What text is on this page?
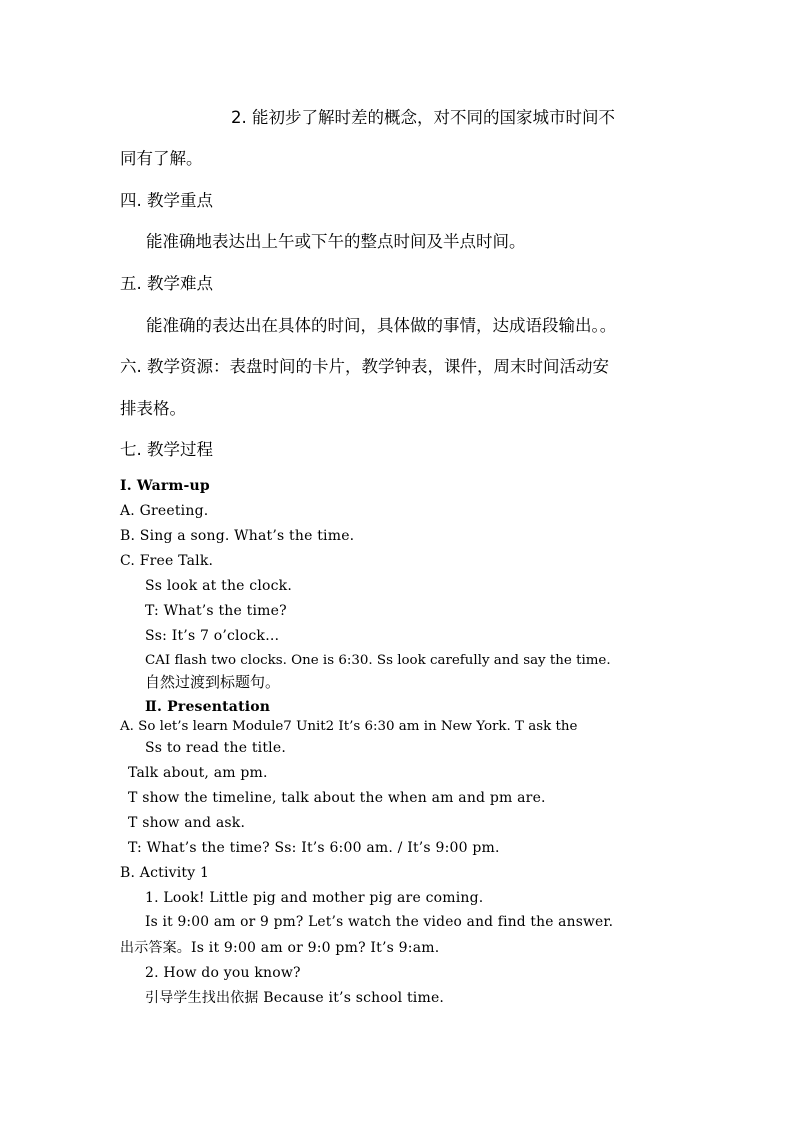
2. 能初步了解时差的概念，对不同的国家城市时间不
同有了解。
四. 教学重点
能准确地表达出上午或下午的整点时间及半点时间。
五. 教学难点
能准确的表达出在具体的时间，具体做的事情，达成语段输出。。
六. 教学资源：表盘时间的卡片，教学钟表，课件，周末时间活动安
排表格。
七. 教学过程
Ⅰ. Warm-up
A. Greeting.
B. Sing a song. What’s the time.
C. Free Talk.
Ss look at the clock.
T: What’s the time?
Ss: It’s 7 o’clock…
CAI flash two clocks. One is 6:30. Ss look carefully and say the time.
自然过渡到标题句。
Ⅱ. Presentation
A. So let’s learn Module7 Unit2 It’s 6:30 am in New York. T ask the
Ss to read the title.
Talk about, am pm.
T show the timeline, talk about the when am and pm are.
T show and ask.
T: What’s the time? Ss: It’s 6:00 am. / It’s 9:00 pm.
B. Activity 1
1. Look! Little pig and mother pig are coming.
Is it 9:00 am or 9 pm? Let’s watch the video and find the answer.
出示答案。Is it 9:00 am or 9:0 pm? It’s 9:am.
2. How do you know?
引导学生找出依据 Because it’s school time.
